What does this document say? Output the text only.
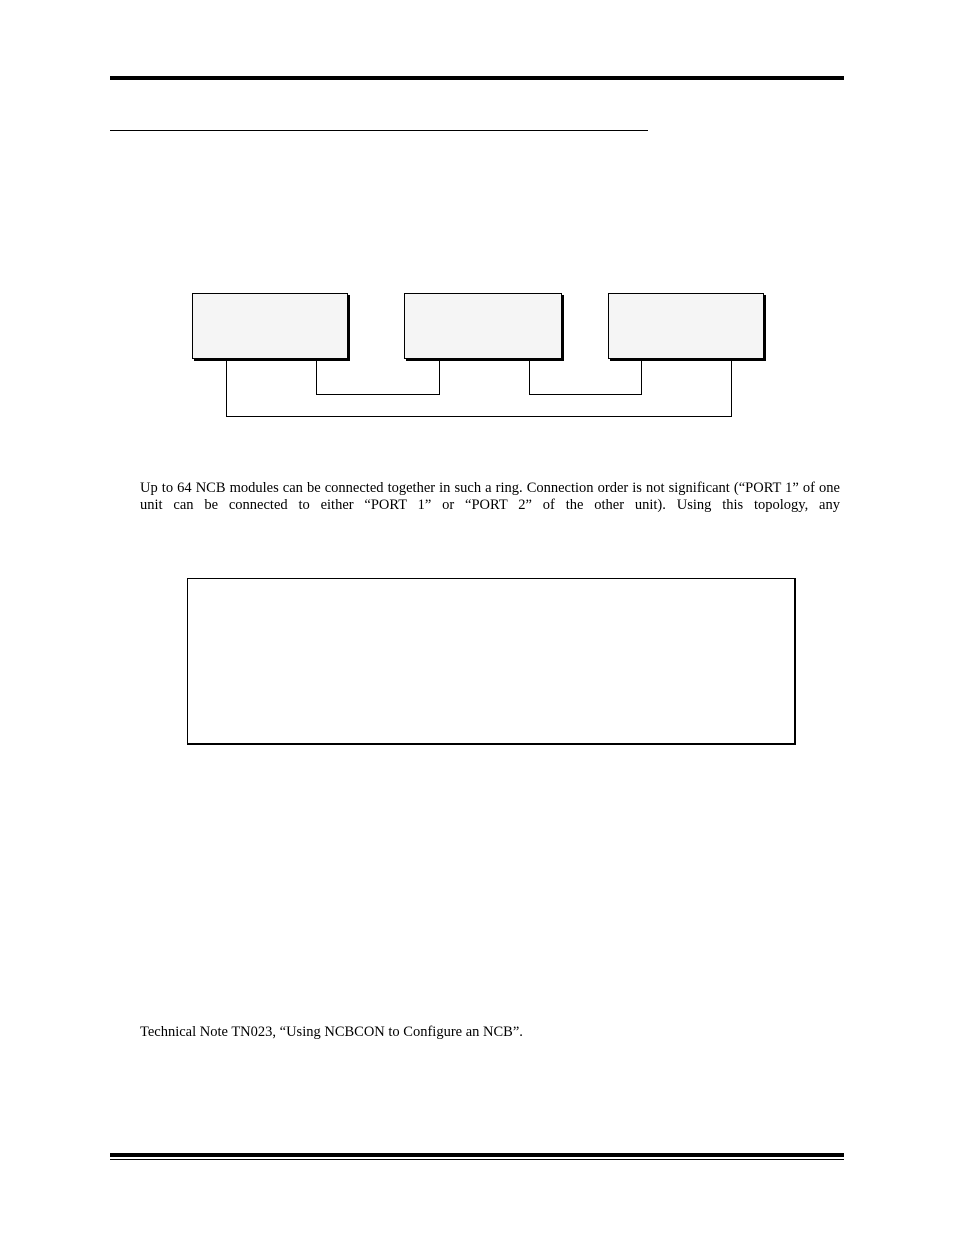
Up to 64 NCB modules can be connected together in such a ring. Connection order is not significant (“PORT 1” of one unit can be connected to either “PORT 1” or “PORT 2” of the other unit). Using this topology, any
Technical Note TN023, “Using NCBCON to Configure an NCB”.
